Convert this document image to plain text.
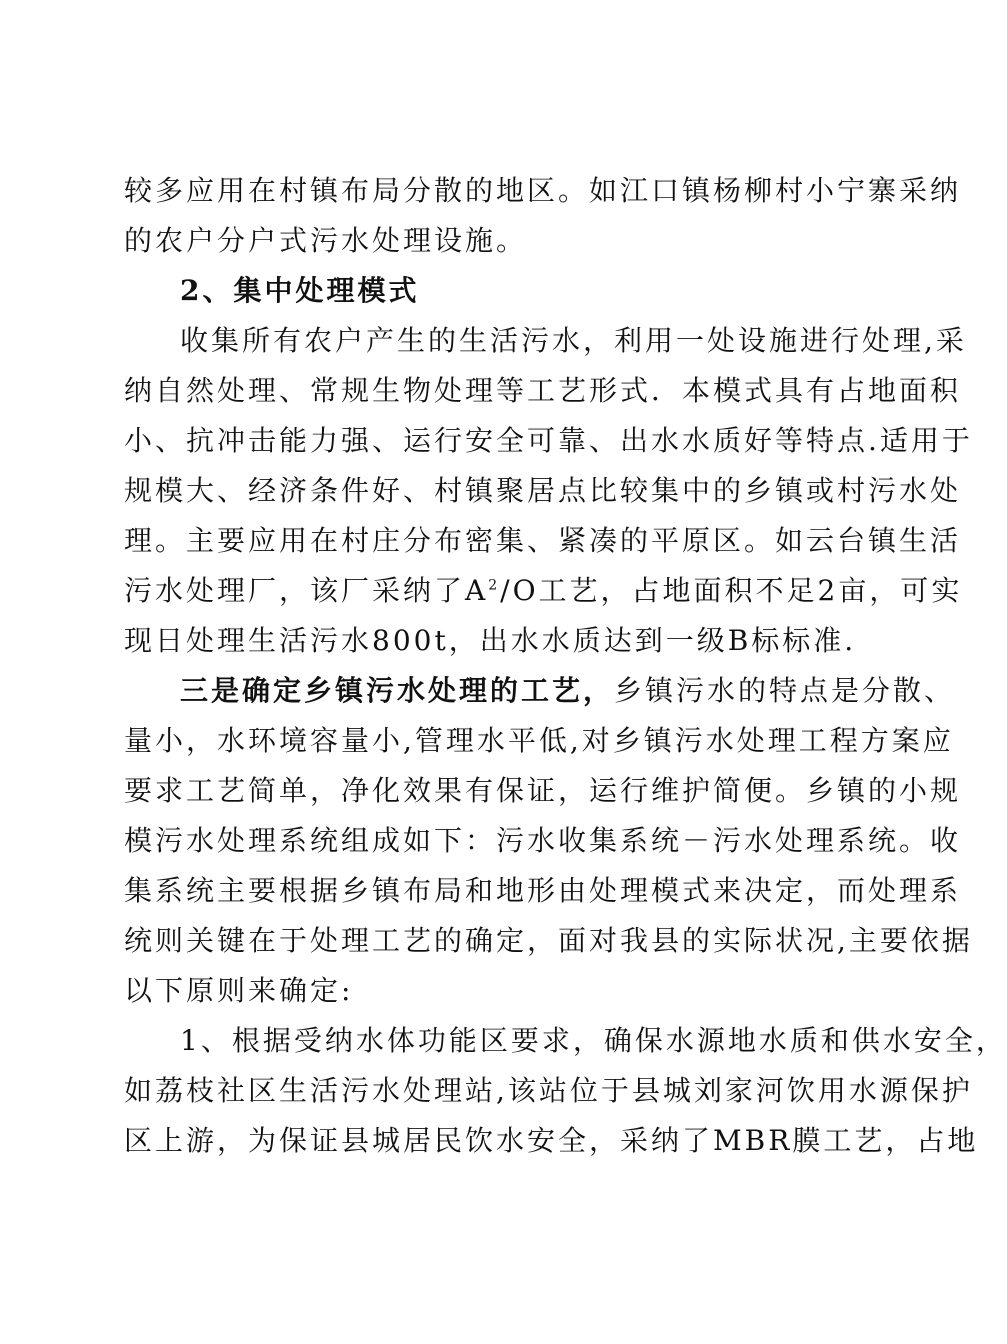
较多应用在村镇布局分散的地区。如江口镇杨柳村小宁寨采纳
的农户分户式污水处理设施。
2、集中处理模式
收集所有农户产生的生活污水，利用一处设施进行处理,采
纳自然处理、常规生物处理等工艺形式．本模式具有占地面积
小、抗冲击能力强、运行安全可靠、出水水质好等特点.适用于
规模大、经济条件好、村镇聚居点比较集中的乡镇或村污水处
理。主要应用在村庄分布密集、紧凑的平原区。如云台镇生活
污水处理厂，该厂采纳了$A^2/O$工艺，占地面积不足2亩，可实
现日处理生活污水800t，出水水质达到一级B标标准.
三是确定乡镇污水处理的工艺，乡镇污水的特点是分散、
量小，水环境容量小,管理水平低,对乡镇污水处理工程方案应
要求工艺简单，净化效果有保证，运行维护简便。乡镇的小规
模污水处理系统组成如下：污水收集系统－污水处理系统。收
集系统主要根据乡镇布局和地形由处理模式来决定，而处理系
统则关键在于处理工艺的确定，面对我县的实际状况,主要依据
以下原则来确定:
1、根据受纳水体功能区要求，确保水源地水质和供水安全，
如荔枝社区生活污水处理站,该站位于县城刘家河饮用水源保护
区上游，为保证县城居民饮水安全，采纳了MBR膜工艺，占地
